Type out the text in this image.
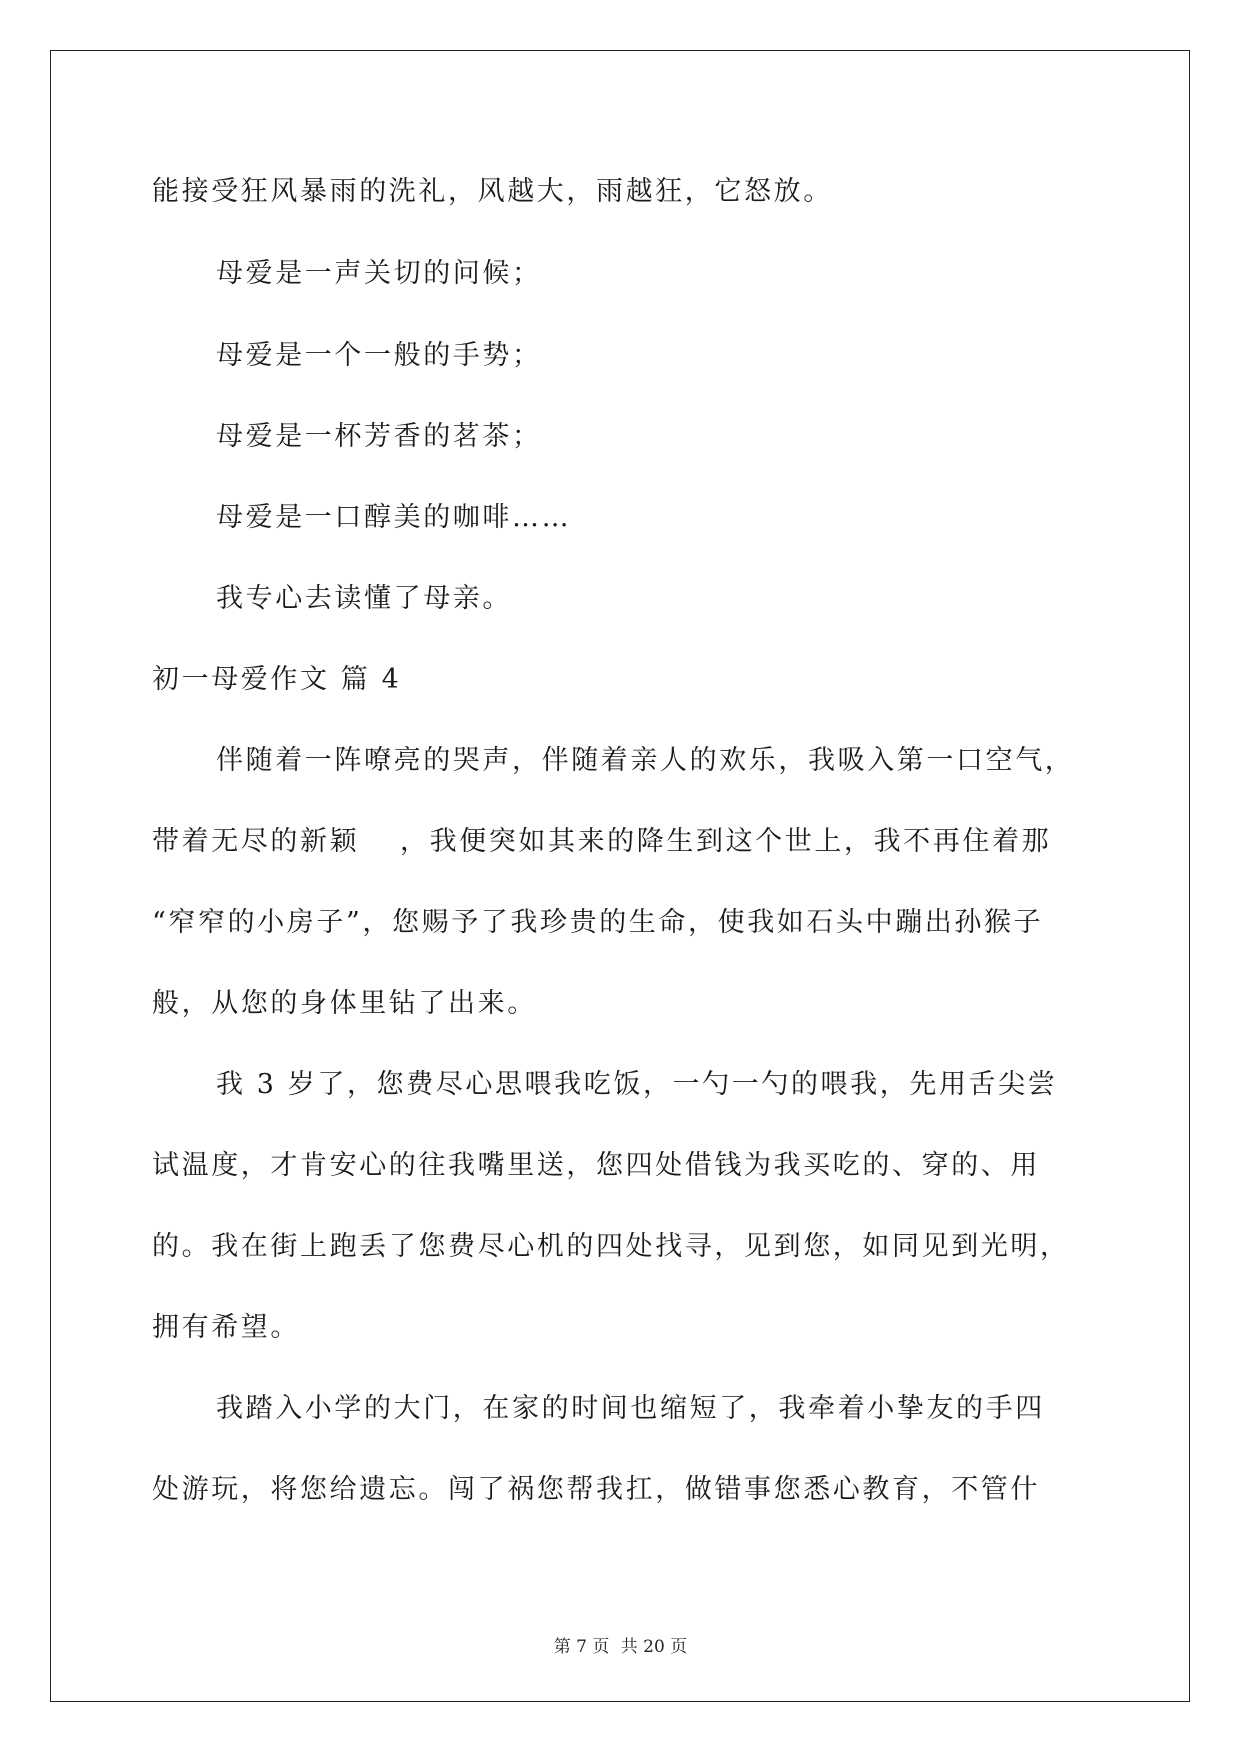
能接受狂风暴雨的洗礼，风越大，雨越狂，它怒放。
母爱是一声关切的问候；
母爱是一个一般的手势；
母爱是一杯芳香的茗茶；
母爱是一口醇美的咖啡……
我专心去读懂了母亲。
初一母爱作文 篇 4
伴随着一阵嘹亮的哭声，伴随着亲人的欢乐，我吸入第一口空气，
带着无尽的新颖　 ，我便突如其来的降生到这个世上，我不再住着那
“窄窄的小房子”，您赐予了我珍贵的生命，使我如石头中蹦出孙猴子
般，从您的身体里钻了出来。
我 3 岁了，您费尽心思喂我吃饭，一勺一勺的喂我，先用舌尖尝
试温度，才肯安心的往我嘴里送，您四处借钱为我买吃的、穿的、用
的。我在街上跑丢了您费尽心机的四处找寻，见到您，如同见到光明，
拥有希望。
我踏入小学的大门，在家的时间也缩短了，我牵着小挚友的手四
处游玩，将您给遗忘。闯了祸您帮我扛，做错事您悉心教育，不管什
第 7 页 共 20 页
